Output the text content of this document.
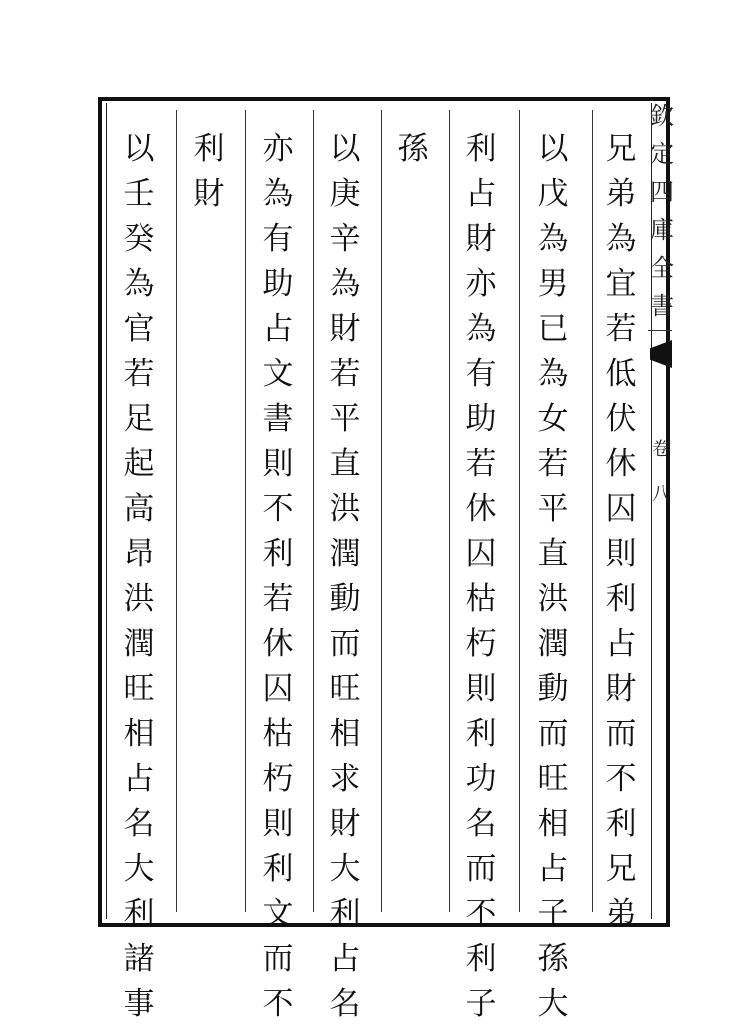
兄
弟
為
宜
若
低
伏
休
囚
則
利
占
財
而
不
利
兄
弟
以
戊
為
男
已
為
女
若
平
直
洪
潤
動
而
旺
相
占
子
孫
大
利
占
財
亦
為
有
助
若
休
囚
枯
朽
則
利
功
名
而
不
利
子
孫
以
庚
辛
為
財
若
平
直
洪
潤
動
而
旺
相
求
財
大
利
占
名
亦
為
有
助
占
文
書
則
不
利
若
休
囚
枯
朽
則
利
文
而
不
利
財
以
壬
癸
為
官
若
足
起
高
昂
洪
潤
旺
相
占
名
大
利
諸
事
欽
定
四
庫
全
書
卷
八
